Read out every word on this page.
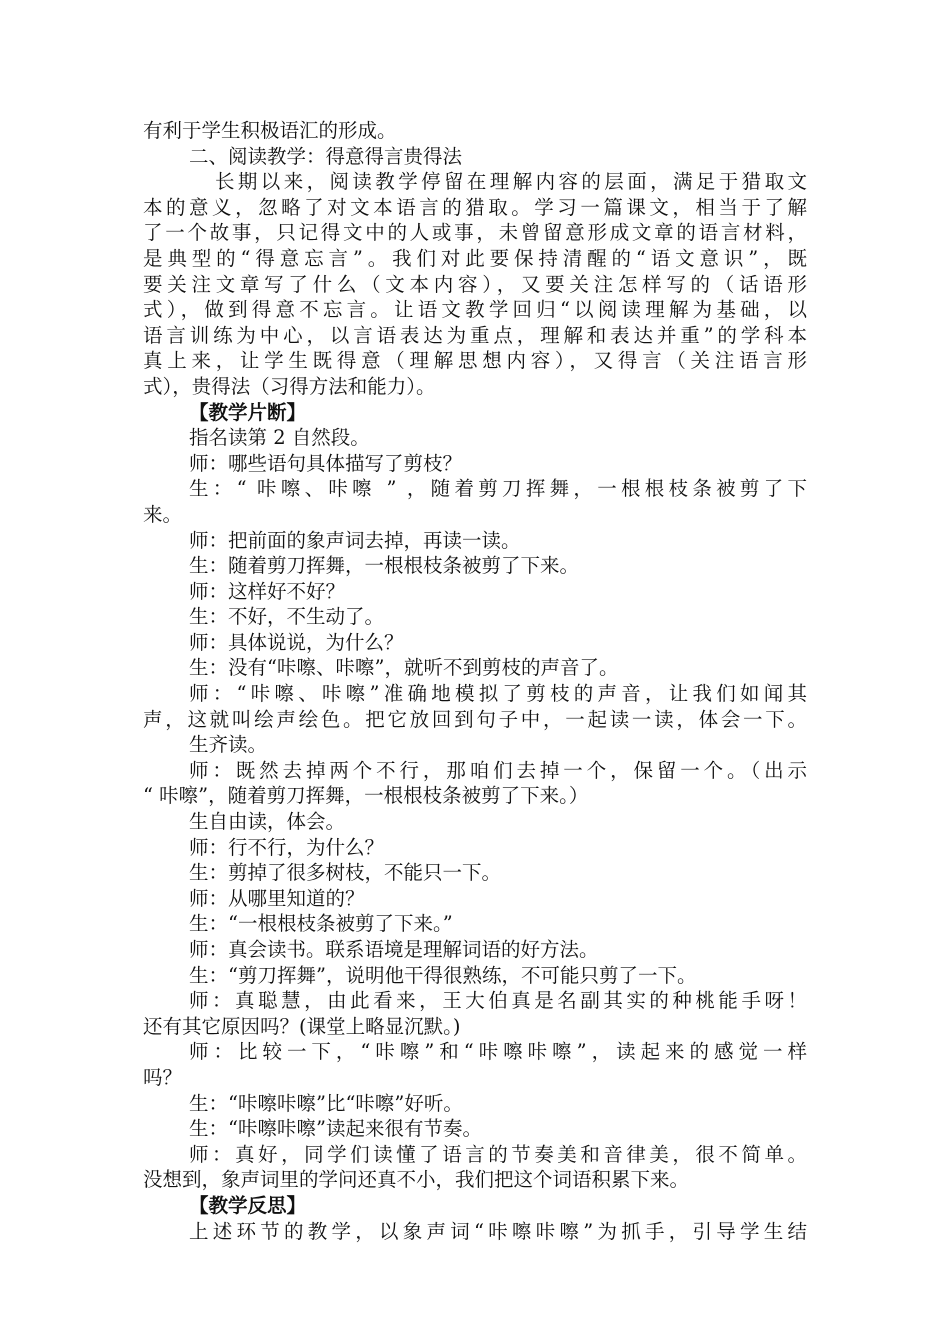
有利于学生积极语汇的形成。
二、阅读教学：得意得言贵得法
长期以来，阅读教学停留在理解内容的层面，满足于猎取文
本的意义，忽略了对文本语言的猎取。学习一篇课文，相当于了解
了一个故事，只记得文中的人或事，未曾留意形成文章的语言材料，
是典型的“得意忘言”。我们对此要保持清醒的“语文意识”，既
要关注文章写了什么（文本内容），又要关注怎样写的（话语形
式），做到得意不忘言。让语文教学回归“以阅读理解为基础，以
语言训练为中心，以言语表达为重点，理解和表达并重”的学科本
真上来，让学生既得意（理解思想内容），又得言（关注语言形
式），贵得法（习得方法和能力）。
【教学片断】
指名读第 2 自然段。
师：哪些语句具体描写了剪枝？
生：“ 咔嚓、咔嚓 ” ，随着剪刀挥舞，一根根枝条被剪了下
来。
师：把前面的象声词去掉，再读一读。
生：随着剪刀挥舞，一根根枝条被剪了下来。
师：这样好不好？
生：不好，不生动了。
师：具体说说，为什么？
生：没有“咔嚓、咔嚓”，就听不到剪枝的声音了。
师：“咔嚓、咔嚓”准确地模拟了剪枝的声音，让我们如闻其
声，这就叫绘声绘色。把它放回到句子中，一起读一读，体会一下。
生齐读。
师：既然去掉两个不行，那咱们去掉一个，保留一个。（出示
“ 咔嚓”，随着剪刀挥舞，一根根枝条被剪了下来。）
生自由读，体会。
师：行不行，为什么？
生：剪掉了很多树枝，不能只一下。
师：从哪里知道的？
生：“一根根枝条被剪了下来。”
师：真会读书。联系语境是理解词语的好方法。
生：“剪刀挥舞”，说明他干得很熟练，不可能只剪了一下。
师：真聪慧，由此看来，王大伯真是名副其实的种桃能手呀！
还有其它原因吗？(课堂上略显沉默。)
师：比较一下，“咔嚓”和“咔嚓咔嚓”，读起来的感觉一样
吗？
生：“咔嚓咔嚓”比“咔嚓”好听。
生：“咔嚓咔嚓”读起来很有节奏。
师：真好，同学们读懂了语言的节奏美和音律美，很不简单。
没想到，象声词里的学问还真不小，我们把这个词语积累下来。
【教学反思】
上述环节的教学，以象声词“咔嚓咔嚓”为抓手，引导学生结
